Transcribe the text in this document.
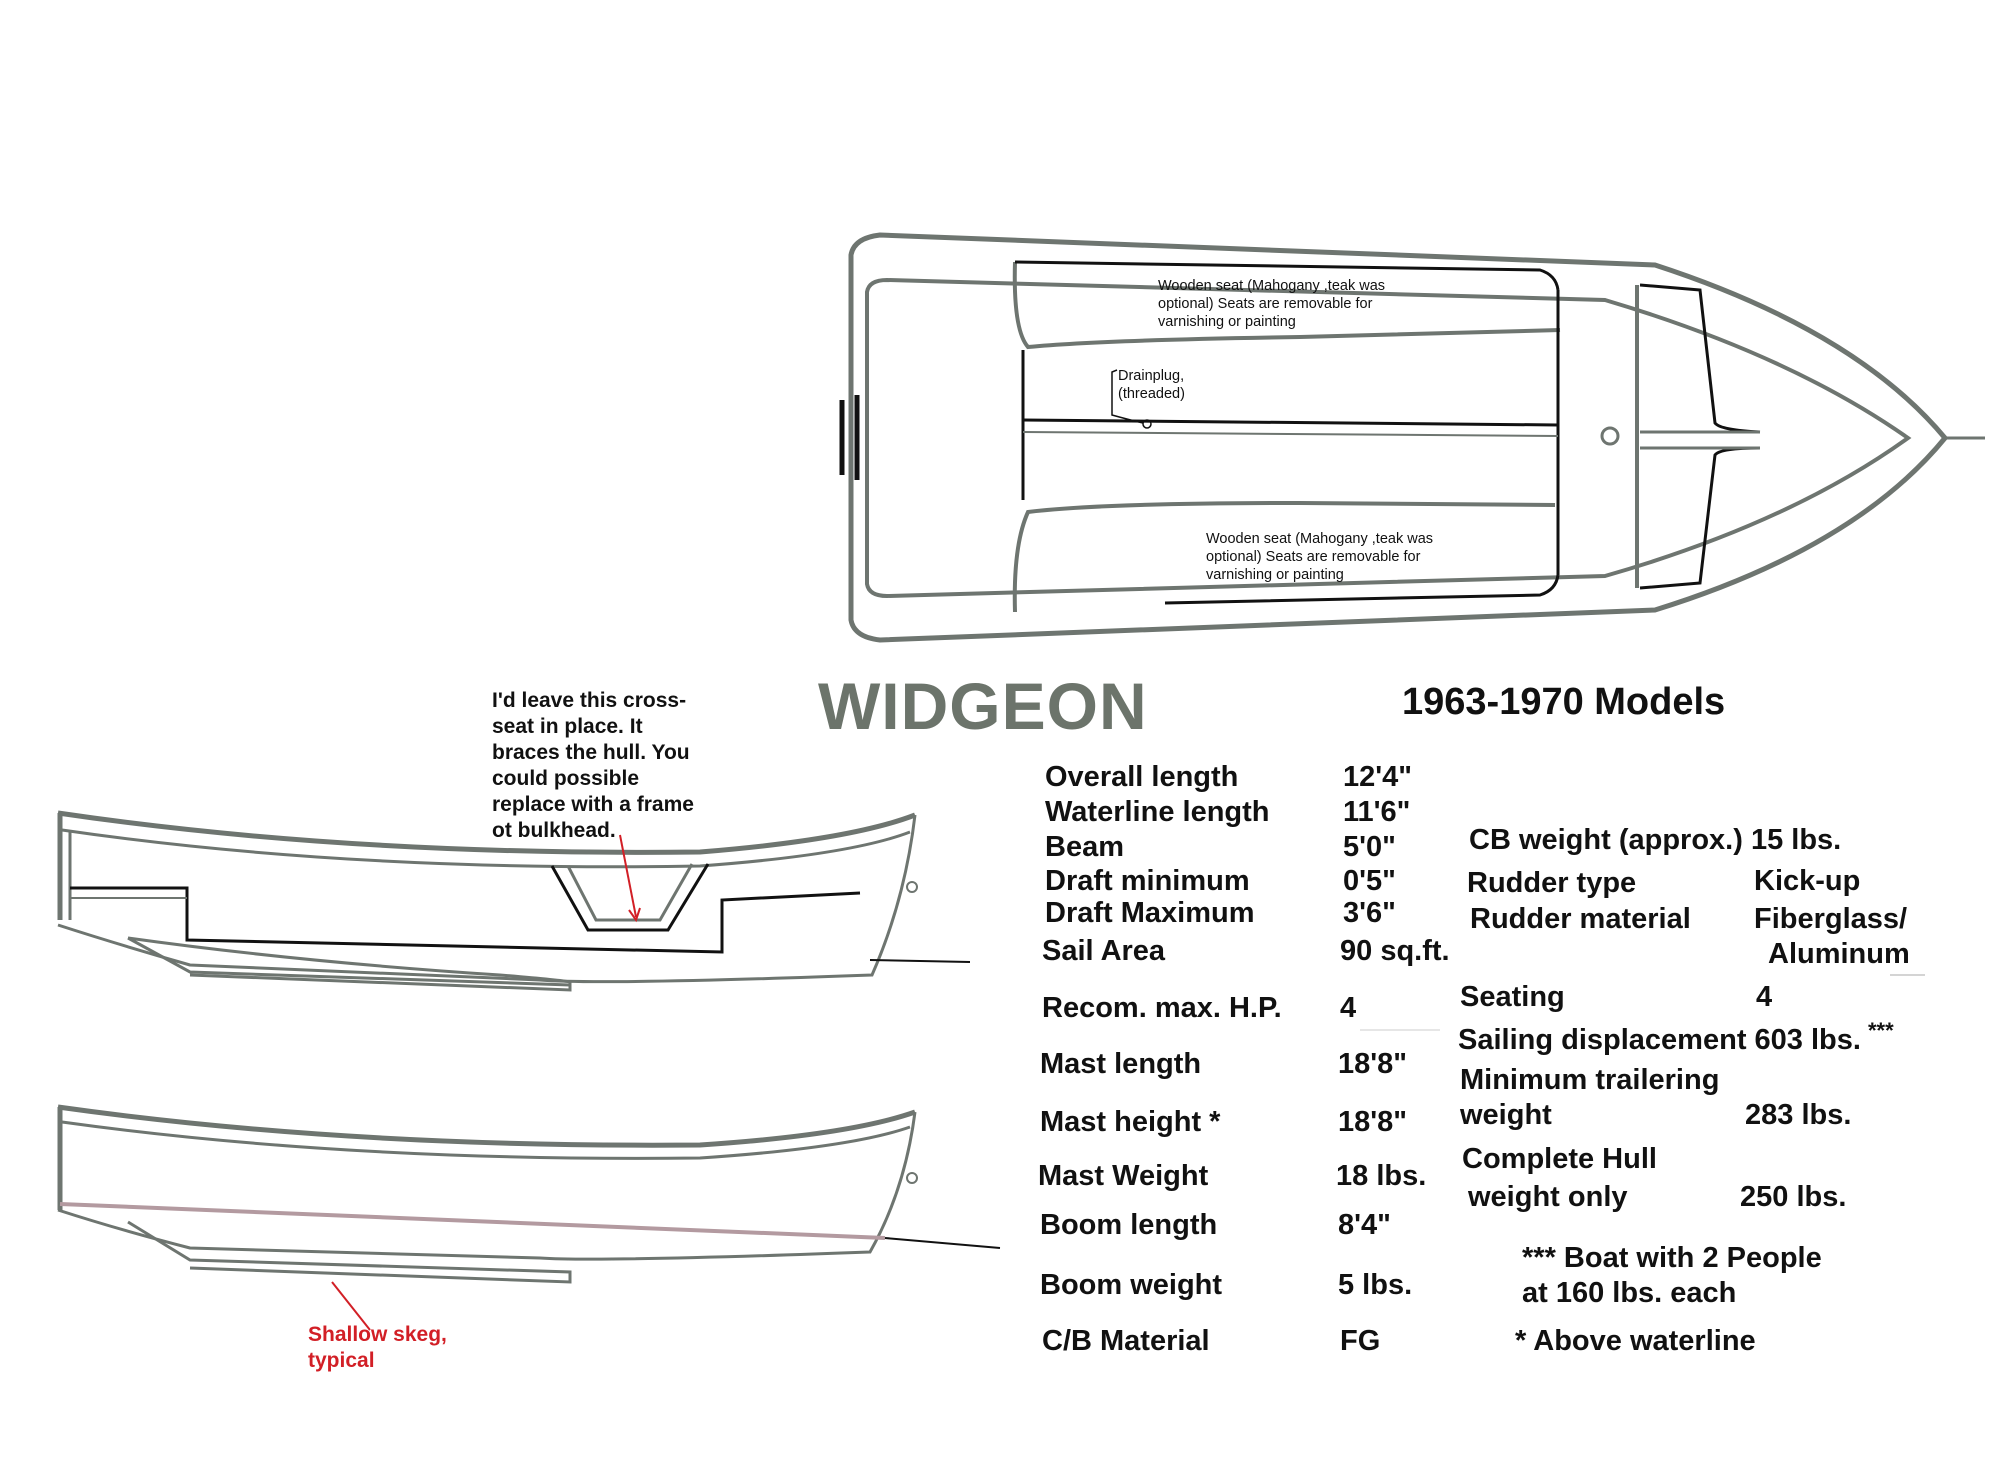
Wooden seat (Mahogany ,teak was
optional) Seats are removable for
varnishing or painting
Drainplug,
(threaded)
Wooden seat (Mahogany ,teak was
optional) Seats are removable for
varnishing or painting
I'd leave this cross-
seat in place. It
braces the hull. You
could possible
replace with a frame
ot bulkhead.
Shallow skeg,
typical
WIDGEON	1963-1970 Models
Overall length	12'4"
Waterline length	11'6"
Beam	5'0"
Draft minimum	0'5"
Draft Maximum	3'6"
Sail Area	90 sq.ft.
Recom. max. H.P. 4
Mast length	18'8"
Mast height *	18'8"
Mast Weight	18 lbs.
Boom length	8'4"
Boom weight	5 lbs.
C/B Material	FG
CB weight (approx.) 15 lbs.
Rudder type	Kick-up
Rudder material Fiberglass/
Aluminum
Seating	4
Sailing displacement 603 lbs. ***
Minimum trailering
weight	283 lbs.
Complete Hull
weight only	250 lbs.
*** Boat with 2 People
at 160 lbs. each
* Above waterline
